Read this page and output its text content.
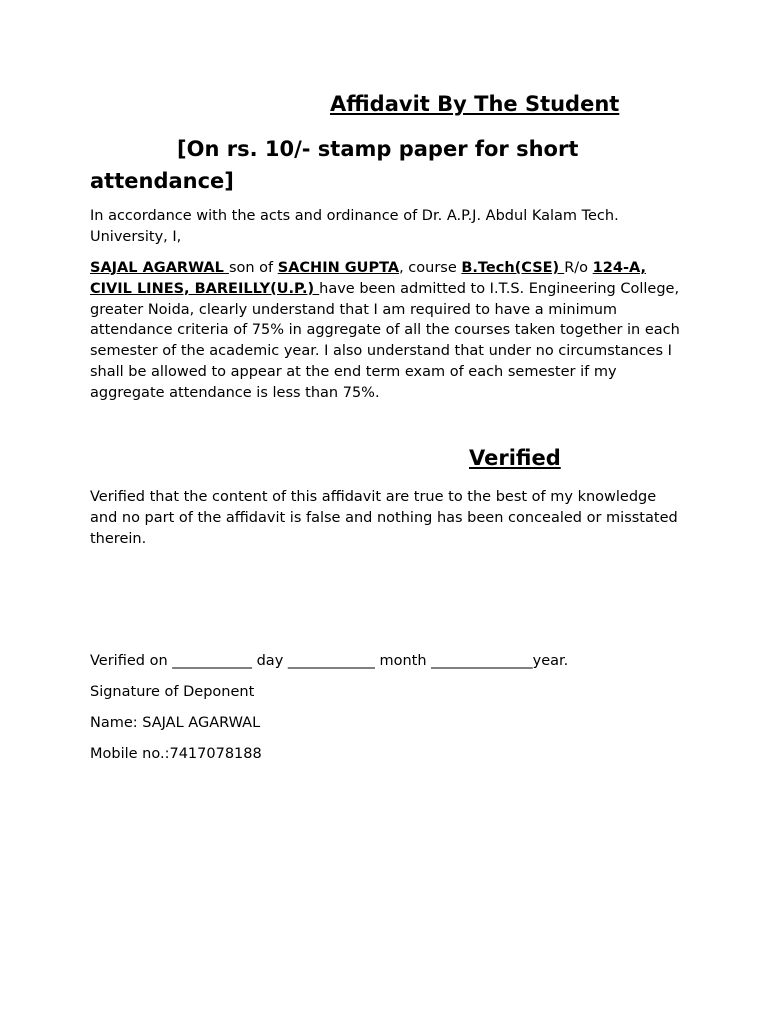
Affidavit By The Student

[On rs. 10/- stamp paper for short attendance]

In accordance with the acts and ordinance of Dr. A.P.J. Abdul Kalam Tech. University, I,

SAJAL AGARWAL son of SACHIN GUPTA, course B.Tech(CSE) R/o 124-A, CIVIL LINES, BAREILLY(U.P.) have been admitted to I.T.S. Engineering College, greater Noida, clearly understand that I am required to have a minimum attendance criteria of 75% in aggregate of all the courses taken together in each semester of the academic year. I also understand that under no circumstances I shall be allowed to appear at the end term exam of each semester if my aggregate attendance is less than 75%.

Verified

Verified that the content of this affidavit are true to the best of my knowledge and no part of the affidavit is false and nothing has been concealed or misstated therein.

Verified on ___________ day ____________ month ______________year.

Signature of Deponent

Name: SAJAL AGARWAL

Mobile no.:7417078188
